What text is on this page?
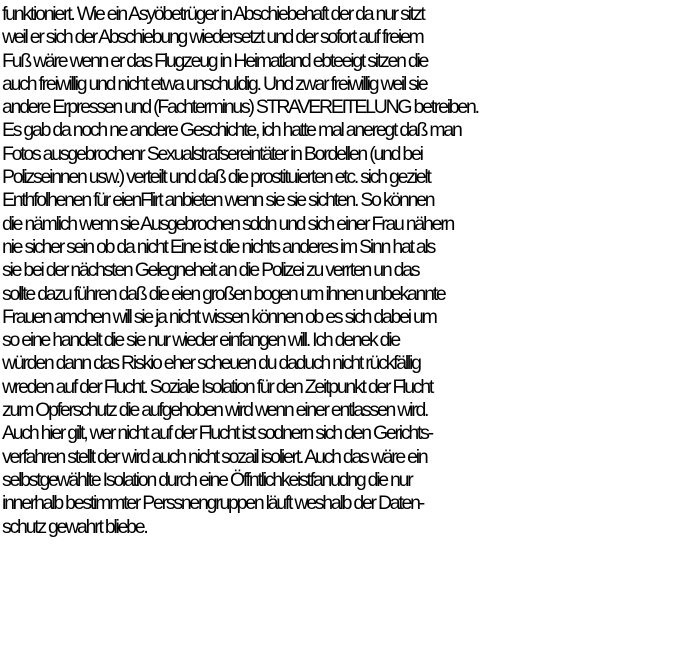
funktioniert. Wie ein Asyöbetrüger in Abschiebehaft der da nur sitzt
weil er sich der Abschiebung wiedersetzt und der sofort auf freiem
Fuß wäre wenn er das Flugzeug in Heimatland ebteeigt sitzen die
auch freiwillig und nicht etwa unschuldig. Und zwar freiwillig weil sie
andere Erpressen und (Fachterminus) STRAVEREITELUNG betreiben.
Es gab da noch ne andere Geschichte, ich hatte mal aneregt daß man
Fotos ausgebrochenr Sexualstrafsereintäter in Bordellen (und bei
Polizseinnen usw.) verteilt und daß die prostituierten etc. sich gezielt
Enthfolhenen für eienFlirt anbieten wenn sie sie sichten. So können
die nämlich wenn sie Ausgebrochen sddn und sich einer Frau nähern
nie sicher sein ob da nicht Eine ist die nichts anderes im Sinn hat als
sie bei der nächsten Gelegneheit an die Polizei zu verrten un das
sollte dazu führen daß die eien großen bogen um ihnen unbekannte
Frauen amchen will sie ja nicht wissen können ob es sich dabei um
so eine handelt die sie nur wieder einfangen will. Ich denek die
würden dann das Riskio eher scheuen du daduch nicht rückfällig
wreden auf der Flucht. Soziale Isolation für den Zeitpunkt der Flucht
zum Opferschutz die aufgehoben wird wenn einer entlassen wird.
Auch hier gilt, wer nicht auf der Flucht ist sodnern sich den Gerichts-
verfahren stellt der wird auch nicht sozail isoliert. Auch das wäre ein
selbstgewählte Isolation durch eine Öffntlichkeistfanudng die nur
innerhalb bestimmter Perssnengruppen läuft weshalb der Daten-
schutz gewahrt bliebe.
